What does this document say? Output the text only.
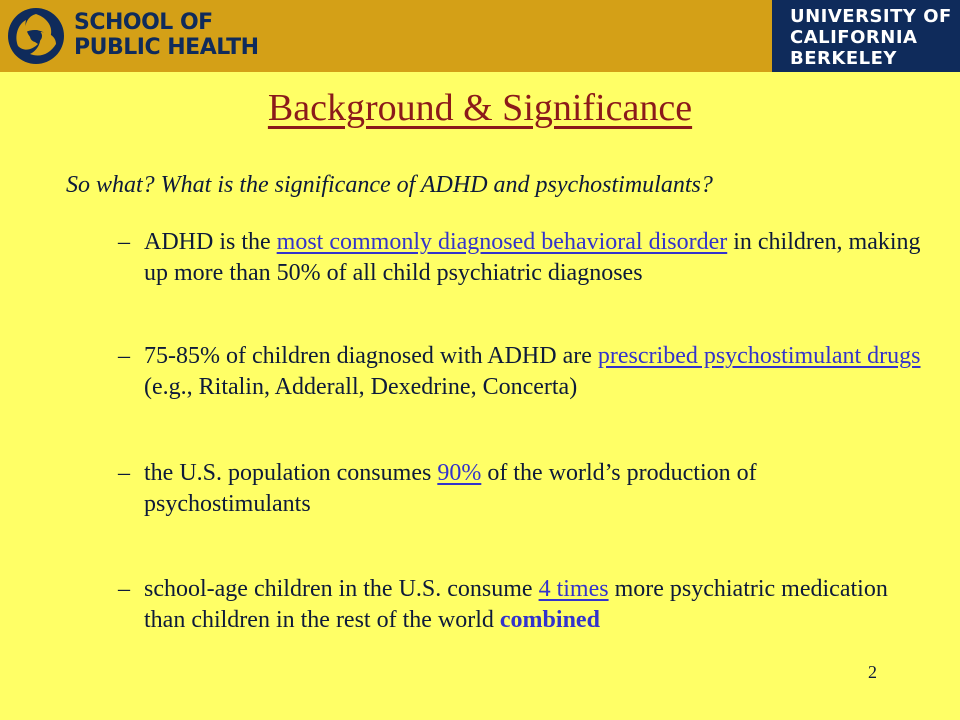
SCHOOL OF
PUBLIC HEALTH
UNIVERSITY OF
CALIFORNIA
BERKELEY
Background & Significance
So what? What is the significance of ADHD and psychostimulants?
– ADHD is the most commonly diagnosed behavioral disorder in children, making up more than 50% of all child psychiatric diagnoses
– 75-85% of children diagnosed with ADHD are prescribed psychostimulant drugs (e.g., Ritalin, Adderall, Dexedrine, Concerta)
– the U.S. population consumes 90% of the world’s production of psychostimulants
– school-age children in the U.S. consume 4 times more psychiatric medication than children in the rest of the world combined
2
